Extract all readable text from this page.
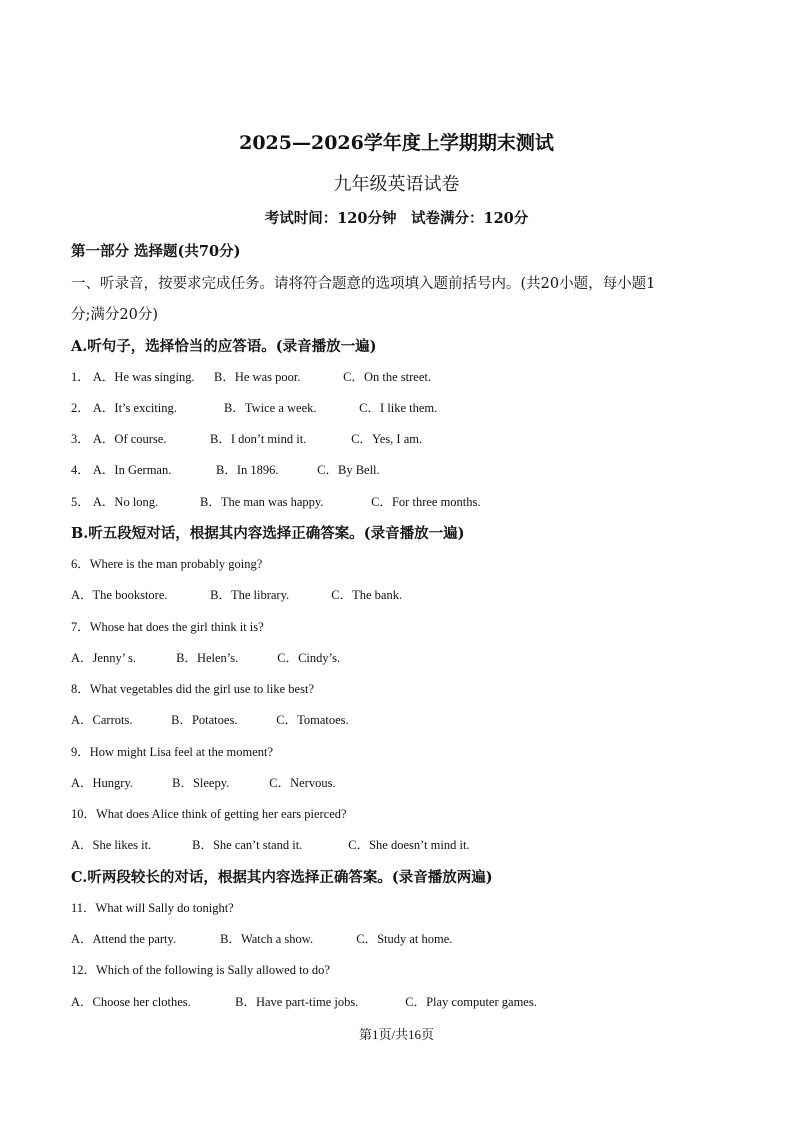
2025—2026学年度上学期期末测试
九年级英语试卷
考试时间：120分钟　试卷满分：120分
第一部分 选择题(共70分)
一、听录音，按要求完成任务。请将符合题意的选项填入题前括号内。(共20小题，每小题1
分;满分20分)
A.听句子，选择恰当的应答语。(录音播放一遍)
1． A．He was singing. B．He was poor.	C．On the street.
2． A．It’s exciting.	B．Twice a week.	C．I like them.
3． A．Of course.	B．I don’t mind it.	C．Yes, I am.
4． A．In German.	B．In 1896.	C．By Bell.
5． A．No long.	B．The man was happy.	C．For three months.
B.听五段短对话，根据其内容选择正确答案。(录音播放一遍)
6．Where is the man probably going?
A．The bookstore.	B．The library.	C．The bank.
7．Whose hat does the girl think it is?
A．Jenny’ s.	B．Helen’s.	C．Cindy’s.
8．What vegetables did the girl use to like best?
A．Carrots.	B．Potatoes.	C．Tomatoes.
9．How might Lisa feel at the moment?
A．Hungry.	B．Sleepy.	C．Nervous.
10．What does Alice think of getting her ears pierced?
A．She likes it.	B．She can’t stand it.	C．She doesn’t mind it.
C.听两段较长的对话，根据其内容选择正确答案。(录音播放两遍)
11．What will Sally do tonight?
A．Attend the party.	B．Watch a show.	C．Study at home.
12．Which of the following is Sally allowed to do?
A．Choose her clothes.	B．Have part-time jobs.	C．Play computer games.
第1页/共16页
